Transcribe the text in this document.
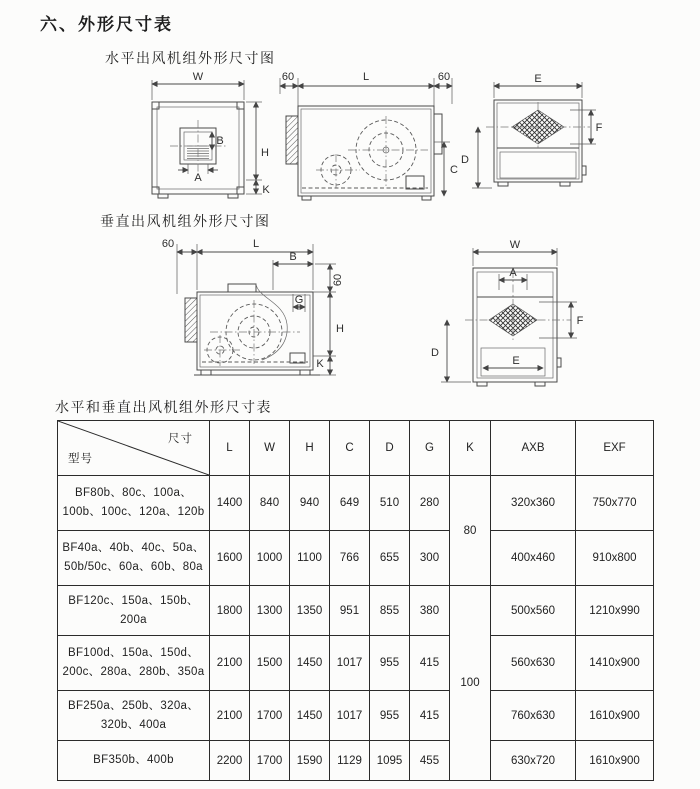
六、外形尺寸表
水平出风机组外形尺寸图
W
H
K
B
A
60	L	60
C
E
F
D
垂直出风机组外形尺寸图
60	L
B
G
60
H
K
W
A
F
D
E
水平和垂直出风机组外形尺寸表
尺寸
型号	L	W	H	C	D	G	K	AXB	EXF
BF80b、80c、100a、100b、100c、120a、120b	1400	840	940	649	510	280	80	320x360	750x770
BF40a、40b、40c、50a、50b/50c、60a、60b、80a	1600	1000	1100	766	655	300		400x460	910x800
BF120c、150a、150b、200a	1800	1300	1350	951	855	380	100	500x560	1210x990
BF100d、150a、150d、200c、280a、280b、350a	2100	1500	1450	1017	955	415		560x630	1410x900
BF250a、250b、320a、320b、400a	2100	1700	1450	1017	955	415		760x630	1610x900
BF350b、400b	2200	1700	1590	1129	1095	455		630x720	1610x900
